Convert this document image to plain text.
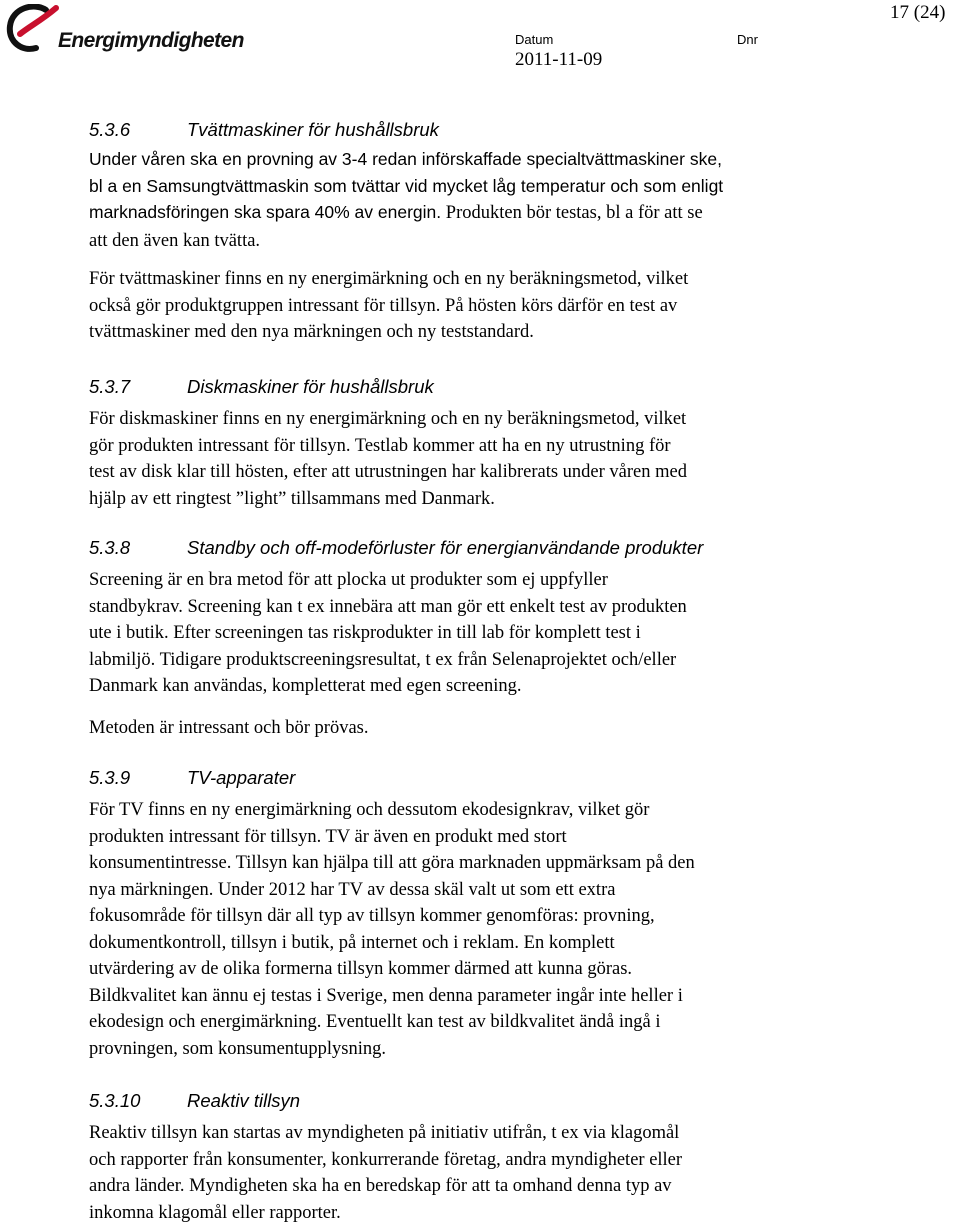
Energimyndigheten
17 (24)
Datum	Dnr
2011-11-09
5.3.6	Tvättmaskiner för hushållsbruk

Under våren ska en provning av 3-4 redan införskaffade specialtvättmaskiner ske,
bl a en Samsungtvättmaskin som tvättar vid mycket låg temperatur och som enligt
marknadsföringen ska spara 40% av energin. Produkten bör testas, bl a för att se
att den även kan tvätta.

För tvättmaskiner finns en ny energimärkning och en ny beräkningsmetod, vilket
också gör produktgruppen intressant för tillsyn. På hösten körs därför en test av
tvättmaskiner med den nya märkningen och ny teststandard.

5.3.7	Diskmaskiner för hushållsbruk

För diskmaskiner finns en ny energimärkning och en ny beräkningsmetod, vilket
gör produkten intressant för tillsyn. Testlab kommer att ha en ny utrustning för
test av disk klar till hösten, efter att utrustningen har kalibrerats under våren med
hjälp av ett ringtest ”light” tillsammans med Danmark.

5.3.8	Standby och off-modeförluster för energianvändande produkter

Screening är en bra metod för att plocka ut produkter som ej uppfyller
standbykrav. Screening kan t ex innebära att man gör ett enkelt test av produkten
ute i butik. Efter screeningen tas riskprodukter in till lab för komplett test i
labmiljö. Tidigare produktscreeningsresultat, t ex från Selenaprojektet och/eller
Danmark kan användas, kompletterat med egen screening.

Metoden är intressant och bör prövas.

5.3.9	TV-apparater

För TV finns en ny energimärkning och dessutom ekodesignkrav, vilket gör
produkten intressant för tillsyn. TV är även en produkt med stort
konsumentintresse. Tillsyn kan hjälpa till att göra marknaden uppmärksam på den
nya märkningen. Under 2012 har TV av dessa skäl valt ut som ett extra
fokusområde för tillsyn där all typ av tillsyn kommer genomföras: provning,
dokumentkontroll, tillsyn i butik, på internet och i reklam. En komplett
utvärdering av de olika formerna tillsyn kommer därmed att kunna göras.
Bildkvalitet kan ännu ej testas i Sverige, men denna parameter ingår inte heller i
ekodesign och energimärkning. Eventuellt kan test av bildkvalitet ändå ingå i
provningen, som konsumentupplysning.

5.3.10	Reaktiv tillsyn

Reaktiv tillsyn kan startas av myndigheten på initiativ utifrån, t ex via klagomål
och rapporter från konsumenter, konkurrerande företag, andra myndigheter eller
andra länder. Myndigheten ska ha en beredskap för att ta omhand denna typ av
inkomna klagomål eller rapporter.
